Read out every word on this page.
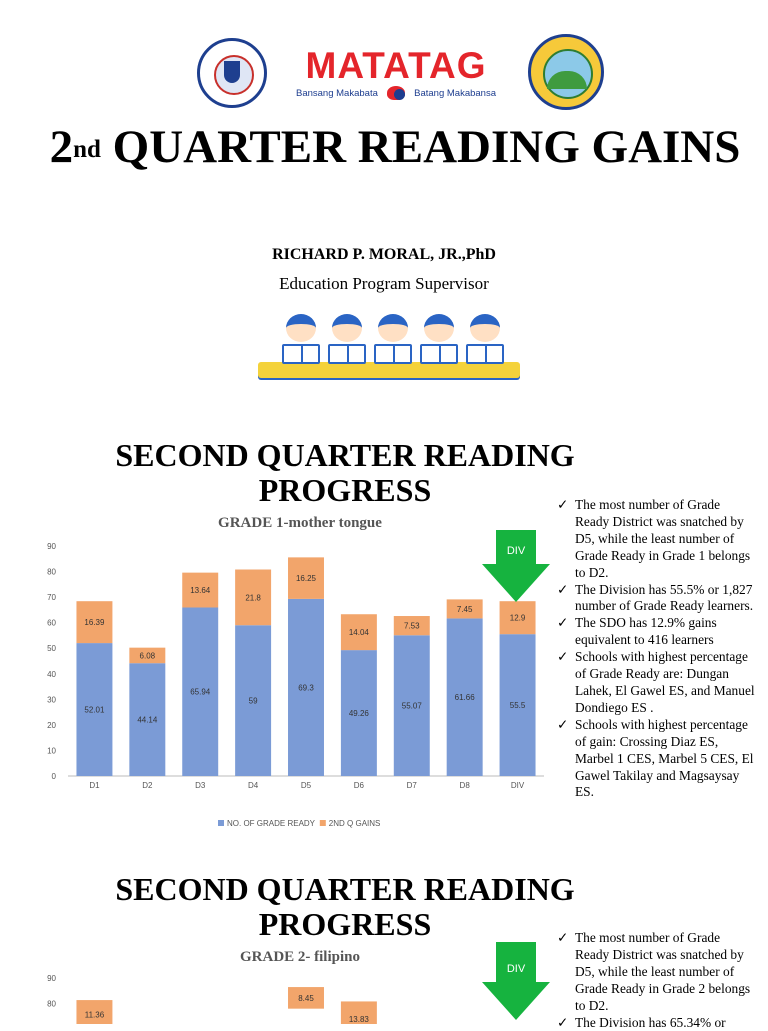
MATATAG
Bansang Makabata	Batang Makabansa
2nd QUARTER READING GAINS
RICHARD P. MORAL, JR.,PhD
Education Program Supervisor
SECOND QUARTER READING PROGRESS
GRADE 1-mother tongue
0
10
20
30
40
50
60
70
80
90
52.01
16.39
D1
44.14
6.08
D2
65.94
13.64
D3
59
21.8
D4
69.3
16.25
D5
49.26
14.04
D6
55.07
7.53
D7
61.66
7.45
D8
55.5
12.9
DIV
NO. OF GRADE READY 2ND Q GAINS
DIV
✓ The most number of Grade Ready District was snatched by D5, while the least number of Grade Ready in Grade 1 belongs to D2.
✓ The Division has 55.5% or 1,827 number of Grade Ready learners.
✓ The SDO has 12.9% gains equivalent to 416 learners
✓ Schools with highest percentage of Grade Ready are: Dungan Lahek, El Gawel ES, and Manuel Dondiego ES .
✓ Schools with highest percentage of gain: Crossing Diaz ES, Marbel 1 CES, Marbel 5 CES, El Gawel Takilay and Magsaysay ES.
SECOND QUARTER READING PROGRESS
GRADE 2- filipino
80
90
11.36
8.45
13.83
DIV
✓ The most number of Grade Ready District was snatched by D5, while the least number of Grade Ready in Grade 2 belongs to D2.
✓ The Division has 65.34% or
